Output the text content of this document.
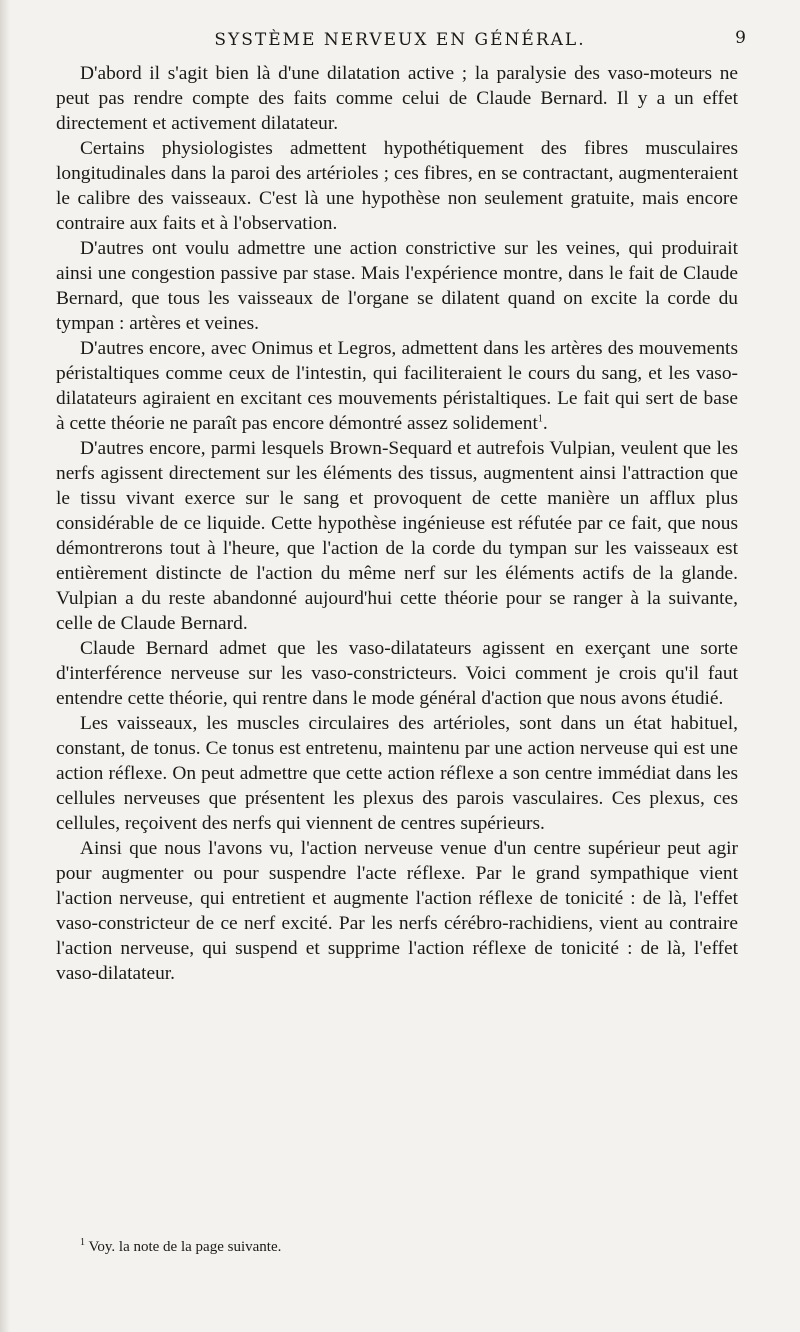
SYSTÈME NERVEUX EN GÉNÉRAL.	9

D'abord il s'agit bien là d'une dilatation active ; la paralysie des vaso-moteurs ne peut pas rendre compte des faits comme celui de Claude Bernard. Il y a un effet directement et activement dilatateur.

Certains physiologistes admettent hypothétiquement des fibres musculaires longitudinales dans la paroi des artérioles ; ces fibres, en se contractant, augmenteraient le calibre des vaisseaux. C'est là une hypothèse non seulement gratuite, mais encore contraire aux faits et à l'observation.

D'autres ont voulu admettre une action constrictive sur les veines, qui produirait ainsi une congestion passive par stase. Mais l'expérience montre, dans le fait de Claude Bernard, que tous les vaisseaux de l'organe se dilatent quand on excite la corde du tympan : artères et veines.

D'autres encore, avec Onimus et Legros, admettent dans les artères des mouvements péristaltiques comme ceux de l'intestin, qui faciliteraient le cours du sang, et les vaso-dilatateurs agiraient en excitant ces mouvements péristaltiques. Le fait qui sert de base à cette théorie ne paraît pas encore démontré assez solidement$^1$.

D'autres encore, parmi lesquels Brown-Sequard et autrefois Vulpian, veulent que les nerfs agissent directement sur les éléments des tissus, augmentent ainsi l'attraction que le tissu vivant exerce sur le sang et provoquent de cette manière un afflux plus considérable de ce liquide. Cette hypothèse ingénieuse est réfutée par ce fait, que nous démontrerons tout à l'heure, que l'action de la corde du tympan sur les vaisseaux est entièrement distincte de l'action du même nerf sur les éléments actifs de la glande. Vulpian a du reste abandonné aujourd'hui cette théorie pour se ranger à la suivante, celle de Claude Bernard.

Claude Bernard admet que les vaso-dilatateurs agissent en exerçant une sorte d'interférence nerveuse sur les vaso-constricteurs. Voici comment je crois qu'il faut entendre cette théorie, qui rentre dans le mode général d'action que nous avons étudié.

Les vaisseaux, les muscles circulaires des artérioles, sont dans un état habituel, constant, de tonus. Ce tonus est entretenu, maintenu par une action nerveuse qui est une action réflexe. On peut admettre que cette action réflexe a son centre immédiat dans les cellules nerveuses que présentent les plexus des parois vasculaires. Ces plexus, ces cellules, reçoivent des nerfs qui viennent de centres supérieurs.

Ainsi que nous l'avons vu, l'action nerveuse venue d'un centre supérieur peut agir pour augmenter ou pour suspendre l'acte réflexe. Par le grand sympathique vient l'action nerveuse, qui entretient et augmente l'action réflexe de tonicité : de là, l'effet vaso-constricteur de ce nerf excité. Par les nerfs cérébro-rachidiens, vient au contraire l'action nerveuse, qui suspend et supprime l'action réflexe de tonicité : de là, l'effet vaso-dilatateur.

$^1$ Voy. la note de la page suivante.
